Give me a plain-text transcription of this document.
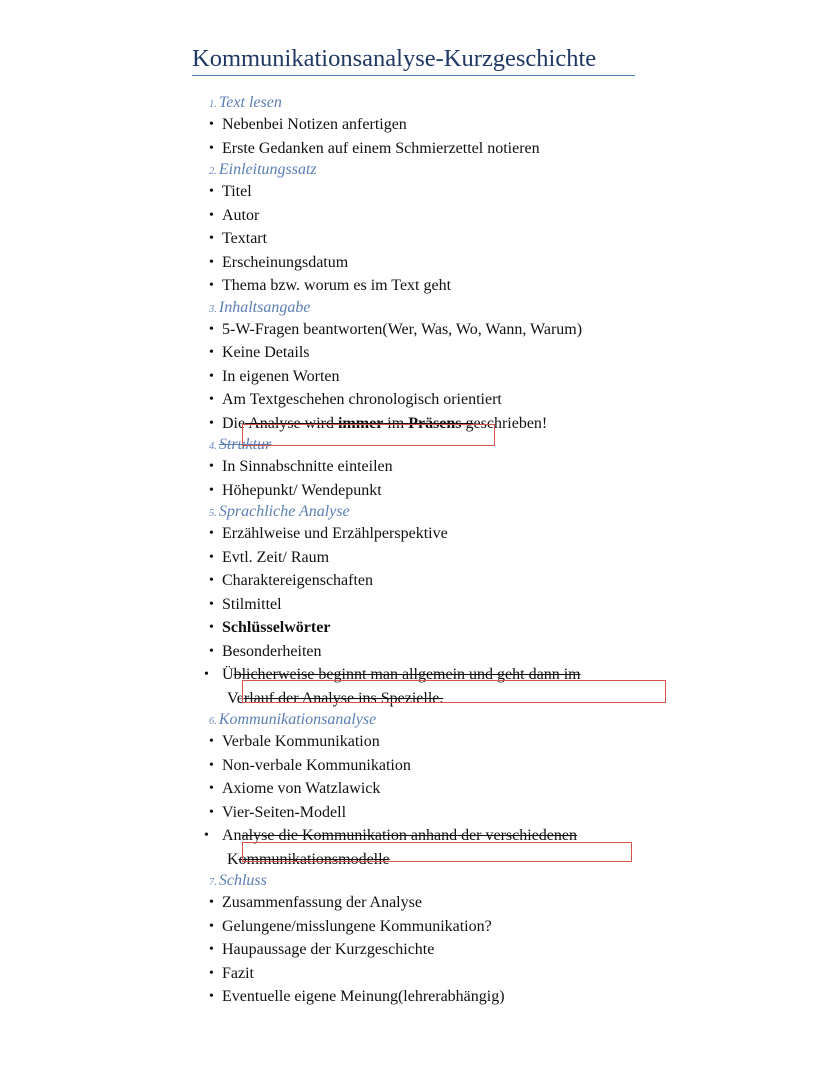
Kommunikationsanalyse-Kurzgeschichte
1. Text lesen
• Nebenbei Notizen anfertigen
• Erste Gedanken auf einem Schmierzettel notieren
2. Einleitungssatz
• Titel
• Autor
• Textart
• Erscheinungsdatum
• Thema bzw. worum es im Text geht
3. Inhaltsangabe
• 5-W-Fragen beantworten(Wer, Was, Wo, Wann, Warum)
• Keine Details
• In eigenen Worten
• Am Textgeschehen chronologisch orientiert
• Die Analyse wird immer im Präsens geschrieben!
4. Struktur
• In Sinnabschnitte einteilen
• Höhepunkt/ Wendepunkt
5. Sprachliche Analyse
• Erzählweise und Erzählperspektive
• Evtl. Zeit/ Raum
• Charaktereigenschaften
• Stilmittel
• Schlüsselwörter
• Besonderheiten
• Üblicherweise beginnt man allgemein und geht dann im
Verlauf der Analyse ins Spezielle.
6. Kommunikationsanalyse
• Verbale Kommunikation
• Non-verbale Kommunikation
• Axiome von Watzlawick
• Vier-Seiten-Modell
• Analyse die Kommunikation anhand der verschiedenen
Kommunikationsmodelle
7. Schluss
• Zusammenfassung der Analyse
• Gelungene/misslungene Kommunikation?
• Haupaussage der Kurzgeschichte
• Fazit
• Eventuelle eigene Meinung(lehrerabhängig)
